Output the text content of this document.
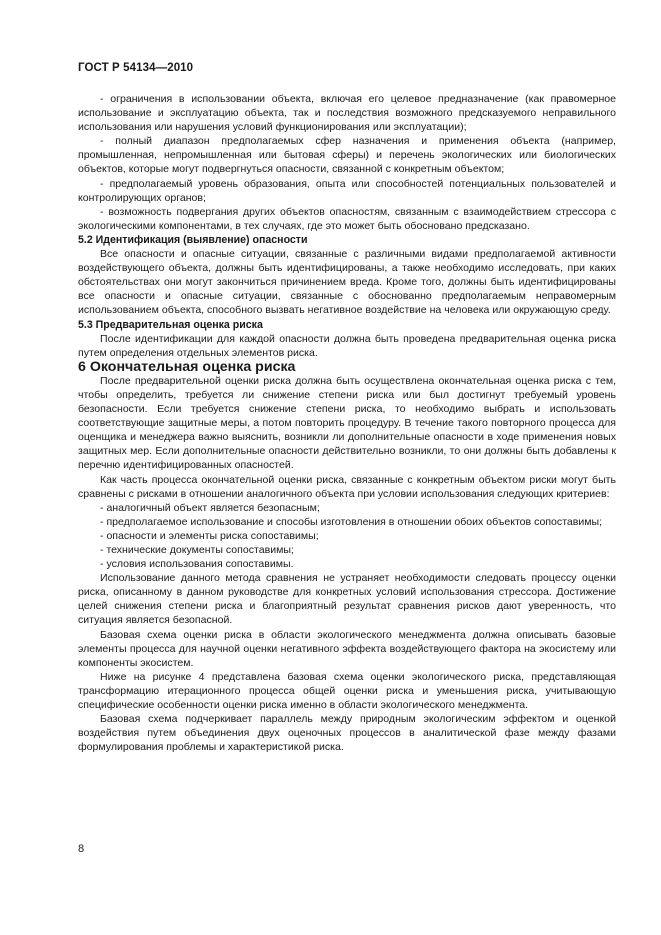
ГОСТ Р 54134—2010

- ограничения в использовании объекта, включая его целевое предназначение (как правомерное использование и эксплуатацию объекта, так и последствия возможного предсказуемого неправильного использования или нарушения условий функционирования или эксплуатации);

- полный диапазон предполагаемых сфер назначения и применения объекта (например, промышленная, непромышленная или бытовая сферы) и перечень экологических или биологических объектов, которые могут подвергнуться опасности, связанной с конкретным объектом;

- предполагаемый уровень образования, опыта или способностей потенциальных пользователей и контролирующих органов;

- возможность подвергания других объектов опасностям, связанным с взаимодействием стрессора с экологическими компонентами, в тех случаях, где это может быть обосновано предсказано.

5.2 Идентификация (выявление) опасности

Все опасности и опасные ситуации, связанные с различными видами предполагаемой активности воздействующего объекта, должны быть идентифицированы, а также необходимо исследовать, при каких обстоятельствах они могут закончиться причинением вреда. Кроме того, должны быть идентифицированы все опасности и опасные ситуации, связанные с обоснованно предполагаемым неправомерным использованием объекта, способного вызвать негативное воздействие на человека или окружающую среду.

5.3 Предварительная оценка риска

После идентификации для каждой опасности должна быть проведена предварительная оценка риска путем определения отдельных элементов риска.

6 Окончательная оценка риска

После предварительной оценки риска должна быть осуществлена окончательная оценка риска с тем, чтобы определить, требуется ли снижение степени риска или был достигнут требуемый уровень безопасности. Если требуется снижение степени риска, то необходимо выбрать и использовать соответствующие защитные меры, а потом повторить процедуру. В течение такого повторного процесса для оценщика и менеджера важно выяснить, возникли ли дополнительные опасности в ходе применения новых защитных мер. Если дополнительные опасности действительно возникли, то они должны быть добавлены к перечню идентифицированных опасностей.

Как часть процесса окончательной оценки риска, связанные с конкретным объектом риски могут быть сравнены с рисками в отношении аналогичного объекта при условии использования следующих критериев:

- аналогичный объект является безопасным;

- предполагаемое использование и способы изготовления в отношении обоих объектов сопоставимы;

- опасности и элементы риска сопоставимы;

- технические документы сопоставимы;

- условия использования сопоставимы.

Использование данного метода сравнения не устраняет необходимости следовать процессу оценки риска, описанному в данном руководстве для конкретных условий использования стрессора. Достижение целей снижения степени риска и благоприятный результат сравнения рисков дают уверенность, что ситуация является безопасной.

Базовая схема оценки риска в области экологического менеджмента должна описывать базовые элементы процесса для научной оценки негативного эффекта воздействующего фактора на экосистему или компоненты экосистем.

Ниже на рисунке 4 представлена базовая схема оценки экологического риска, представляющая трансформацию итерационного процесса общей оценки риска и уменьшения риска, учитывающую специфические особенности оценки риска именно в области экологического менеджмента.

Базовая схема подчеркивает параллель между природным экологическим эффектом и оценкой воздействия путем объединения двух оценочных процессов в аналитической фазе между фазами формулирования проблемы и характеристикой риска.

8
